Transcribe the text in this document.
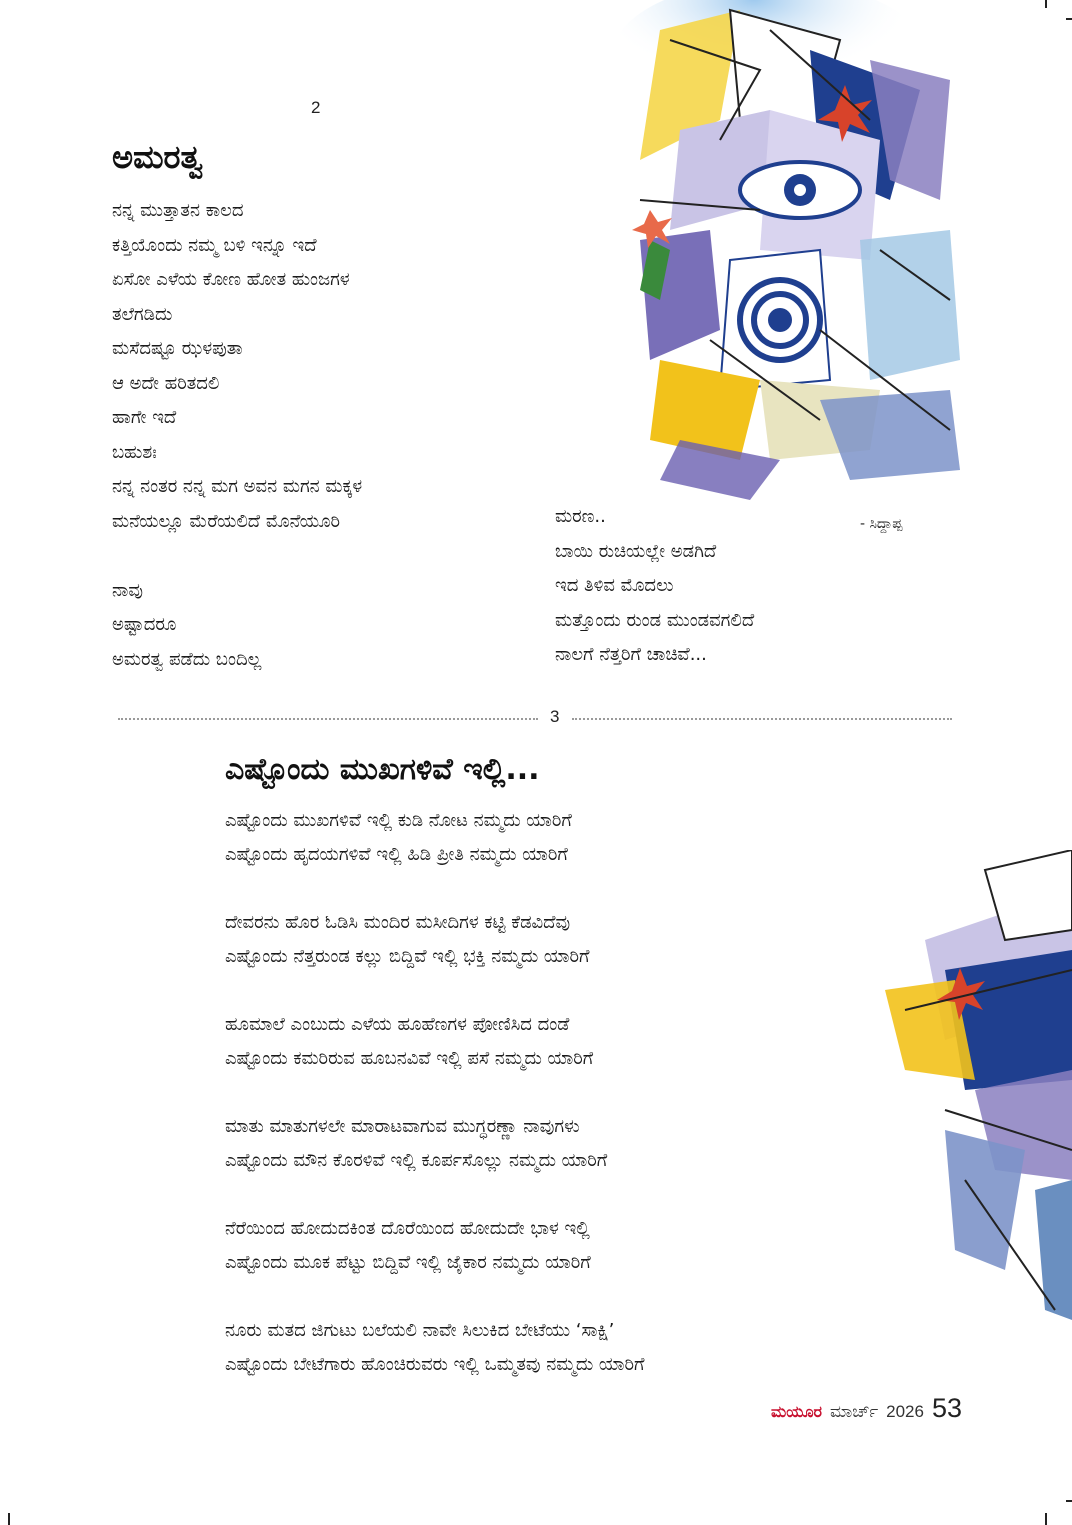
- ಸಿದ್ದಾಪ್ಪ
2
ಅಮರತ್ವ
ನನ್ನ ಮುತ್ತಾತನ ಕಾಲದ
ಕತ್ತಿಯೊಂದು ನಮ್ಮ ಬಳಿ ಇನ್ನೂ ಇದೆ
ಏಸೋ ಎಳೆಯ ಕೋಣ ಹೋತ ಹುಂಜಗಳ
ತಲೆಗಡಿದು
ಮಸೆದಷ್ಟೂ ಝಳಪುತಾ
ಆ ಅದೇ ಹರಿತದಲಿ
ಹಾಗೇ ಇದೆ
ಬಹುಶಃ
ನನ್ನ ನಂತರ ನನ್ನ ಮಗ ಅವನ ಮಗನ ಮಕ್ಕಳ
ಮನೆಯಲ್ಲೂ ಮೆರೆಯಲಿದೆ ಮೊನೆಯೂರಿ
ನಾವು
ಅಷ್ಟಾದರೂ
ಅಮರತ್ವ ಪಡೆದು ಬಂದಿಲ್ಲ
ಮರಣ..
ಬಾಯಿ ರುಚಿಯಲ್ಲೇ ಅಡಗಿದೆ
ಇದ ತಿಳಿವ ಮೊದಲು
ಮತ್ತೊಂದು ರುಂಡ ಮುಂಡವಗಲಿದೆ
ನಾಲಗೆ ನೆತ್ತರಿಗೆ ಚಾಚಿವೆ...
3
ಎಷ್ಟೊಂದು ಮುಖಗಳಿವೆ ಇಲ್ಲಿ...
ಎಷ್ಟೊಂದು ಮುಖಗಳಿವೆ ಇಲ್ಲಿ ಕುಡಿ ನೋಟ ನಮ್ಮದು ಯಾರಿಗೆ
ಎಷ್ಟೊಂದು ಹೃದಯಗಳಿವೆ ಇಲ್ಲಿ ಹಿಡಿ ಪ್ರೀತಿ ನಮ್ಮದು ಯಾರಿಗೆ
ದೇವರನು ಹೊರ ಓಡಿಸಿ ಮಂದಿರ ಮಸೀದಿಗಳ ಕಟ್ಟಿ ಕೆಡವಿದೆವು
ಎಷ್ಟೊಂದು ನೆತ್ತರುಂಡ ಕಲ್ಲು ಬಿದ್ದಿವೆ ಇಲ್ಲಿ ಭಕ್ತಿ ನಮ್ಮದು ಯಾರಿಗೆ
ಹೂಮಾಲೆ ಎಂಬುದು ಎಳೆಯ ಹೂಹೆಣಗಳ ಪೋಣಿಸಿದ ದಂಡೆ
ಎಷ್ಟೊಂದು ಕಮರಿರುವ ಹೂಬನವಿವೆ ಇಲ್ಲಿ ಪಸೆ ನಮ್ಮದು ಯಾರಿಗೆ
ಮಾತು ಮಾತುಗಳಲೇ ಮಾರಾಟವಾಗುವ ಮುಗ್ಧರಣ್ಣಾ ನಾವುಗಳು
ಎಷ್ಟೊಂದು ಮೌನ ಕೊರಳಿವೆ ಇಲ್ಲಿ ಕೂರ್ಪಸೊಲ್ಲು ನಮ್ಮದು ಯಾರಿಗೆ
ನೆರೆಯಿಂದ ಹೋದುದಕಿಂತ ದೊರೆಯಿಂದ ಹೋದುದೇ ಭಾಳ ಇಲ್ಲಿ
ಎಷ್ಟೊಂದು ಮೂಕ ಪೆಟ್ಟು ಬಿದ್ದಿವೆ ಇಲ್ಲಿ ಜೈಕಾರ ನಮ್ಮದು ಯಾರಿಗೆ
ನೂರು ಮತದ ಜಿಗುಟು ಬಲೆಯಲಿ ನಾವೇ ಸಿಲುಕಿದ ಬೇಟೆಯು ‘ಸಾಕ್ಷಿ’
ಎಷ್ಟೊಂದು ಬೇಟೆಗಾರು ಹೊಂಚಿರುವರು ಇಲ್ಲಿ ಒಮ್ಮತವು ನಮ್ಮದು ಯಾರಿಗೆ
ಮಯೂರ ಮಾರ್ಚ್ 2026 53
